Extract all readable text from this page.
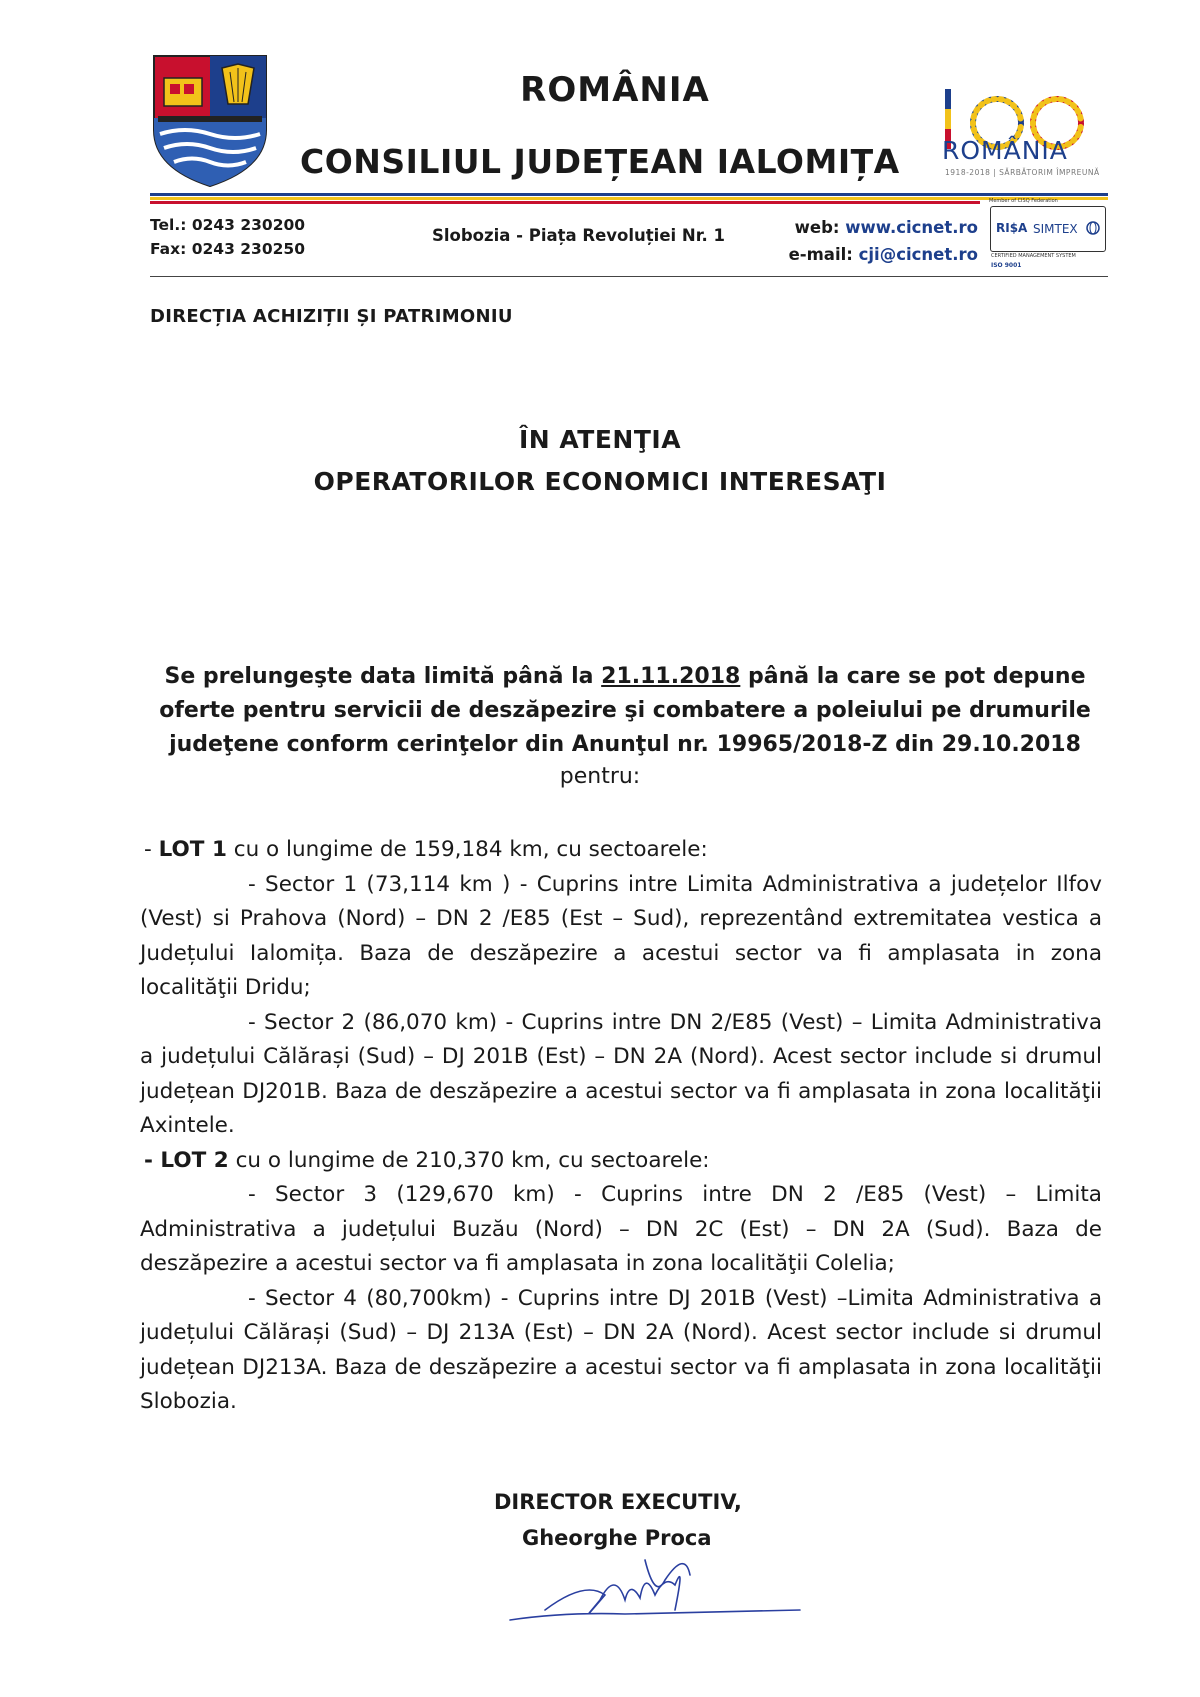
ROMÂNIA
CONSILIUL JUDEȚEAN IALOMIȚA ROMÂNIA
1918-2018 | SĂRBĂTORIM ÎMPREUNĂ
Tel.: 0243 230200
Fax: 0243 230250
Slobozia - Piața Revoluției Nr. 1	web: www.cicnet.ro
e-mail: cji@cicnet.ro
Member of CISQ Federation
RI$A SIMTEX
CERTIFIED MANAGEMENT SYSTEM
ISO 9001
DIRECȚIA ACHIZIȚII ȘI PATRIMONIU
ÎN ATENŢIA
OPERATORILOR ECONOMICI INTERESAŢI
Se prelungeşte data limită până la 21.11.2018 până la care se pot depune oferte pentru servicii de deszăpezire şi combatere a poleiului pe drumurile judeţene conform cerinţelor din Anunţul nr. 19965/2018-Z din 29.10.2018
pentru:

- LOT 1 cu o lungime de 159,184 km, cu sectoarele:

- Sector 1 (73,114 km ) - Cuprins intre Limita Administrativa a județelor Ilfov (Vest) si Prahova (Nord) – DN 2 /E85 (Est – Sud), reprezentând extremitatea vestica a Județului Ialomița. Baza de deszăpezire a acestui sector va fi amplasata in zona localităţii Dridu;

- Sector 2 (86,070 km) - Cuprins intre DN 2/E85 (Vest) – Limita Administrativa a județului Călărași (Sud) – DJ 201B (Est) – DN 2A (Nord). Acest sector include si drumul județean DJ201B. Baza de deszăpezire a acestui sector va fi amplasata in zona localităţii Axintele.

- LOT 2 cu o lungime de 210,370 km, cu sectoarele:

- Sector 3 (129,670 km) - Cuprins intre DN 2 /E85 (Vest) – Limita Administrativa a județului Buzău (Nord) – DN 2C (Est) – DN 2A (Sud). Baza de deszăpezire a acestui sector va fi amplasata in zona localităţii Colelia;

- Sector 4 (80,700km) - Cuprins intre DJ 201B (Vest) –Limita Administrativa a județului Călărași (Sud) – DJ 213A (Est) – DN 2A (Nord). Acest sector include si drumul județean DJ213A. Baza de deszăpezire a acestui sector va fi amplasata in zona localităţii Slobozia.

DIRECTOR EXECUTIV,
Gheorghe Proca
